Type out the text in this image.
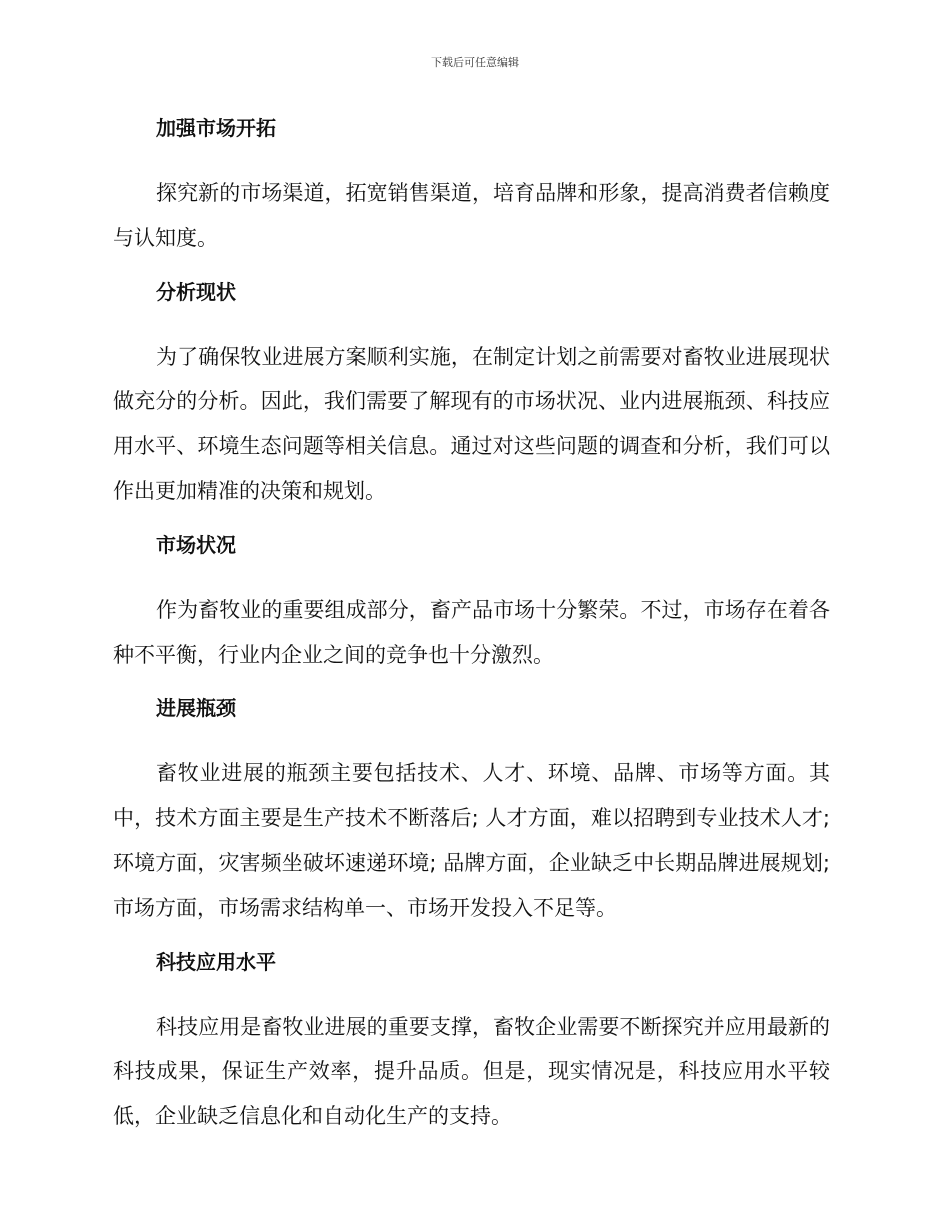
下载后可任意编辑
加强市场开拓
探究新的市场渠道，拓宽销售渠道，培育品牌和形象，提高消费者信赖度与认知度。
分析现状
为了确保牧业进展方案顺利实施，在制定计划之前需要对畜牧业进展现状做充分的分析。因此，我们需要了解现有的市场状况、业内进展瓶颈、科技应用水平、环境生态问题等相关信息。通过对这些问题的调查和分析，我们可以作出更加精准的决策和规划。
市场状况
作为畜牧业的重要组成部分，畜产品市场十分繁荣。不过，市场存在着各种不平衡，行业内企业之间的竞争也十分激烈。
进展瓶颈
畜牧业进展的瓶颈主要包括技术、人才、环境、品牌、市场等方面。其中，技术方面主要是生产技术不断落后; 人才方面，难以招聘到专业技术人才; 环境方面，灾害频坐破坏速递环境; 品牌方面，企业缺乏中长期品牌进展规划; 市场方面，市场需求结构单一、市场开发投入不足等。
科技应用水平
科技应用是畜牧业进展的重要支撑，畜牧企业需要不断探究并应用最新的科技成果，保证生产效率，提升品质。但是，现实情况是，科技应用水平较低，企业缺乏信息化和自动化生产的支持。
